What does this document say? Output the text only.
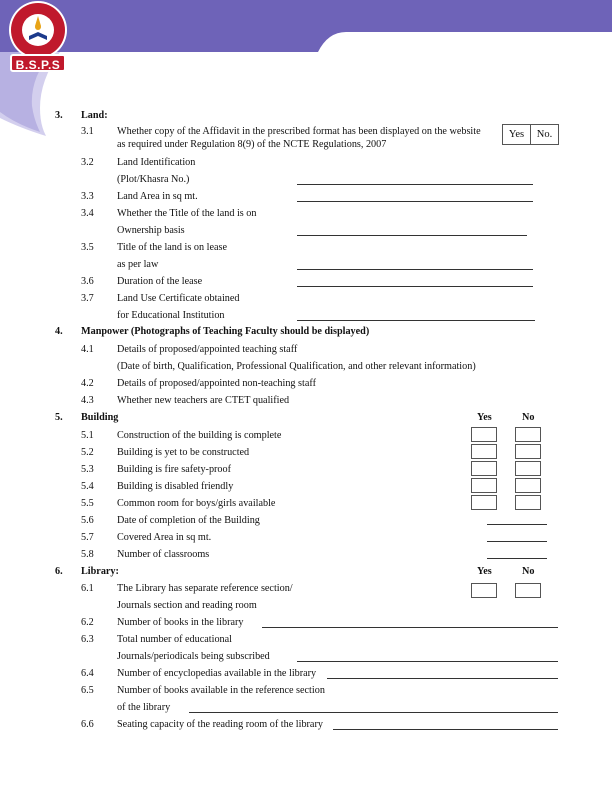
B.S.P.S
3. Land:
3.1 Whether copy of the Affidavit in the prescribed format has been displayed on the website
as required under Regulation 8(9) of the NCTE Regulations, 2007
Yes	No.
3.2 Land Identification
(Plot/Khasra No.)
3.3 Land Area in sq mt.
3.4 Whether the Title of the land is on
Ownership basis
3.5 Title of the land is on lease
as per law
3.6 Duration of the lease
3.7 Land Use Certificate obtained
for Educational Institution
4. Manpower (Photographs of Teaching Faculty should be displayed)
4.1 Details of proposed/appointed teaching staff
(Date of birth, Qualification, Professional Qualification, and other relevant information)
4.2 Details of proposed/appointed non-teaching staff
4.3 Whether new teachers are CTET qualified
5. Building	Yes	No
5.1 Construction of the building is complete
5.2 Building is yet to be constructed
5.3 Building is fire safety-proof
5.4 Building is disabled friendly
5.5 Common room for boys/girls available
5.6 Date of completion of the Building
5.7 Covered Area in sq mt.
5.8 Number of classrooms
6. Library:	Yes	No
6.1 The Library has separate reference section/
Journals section and reading room
6.2 Number of books in the library
6.3 Total number of educational
Journals/periodicals being subscribed
6.4 Number of encyclopedias available in the library
6.5 Number of books available in the reference section
of the library
6.6 Seating capacity of the reading room of the library
